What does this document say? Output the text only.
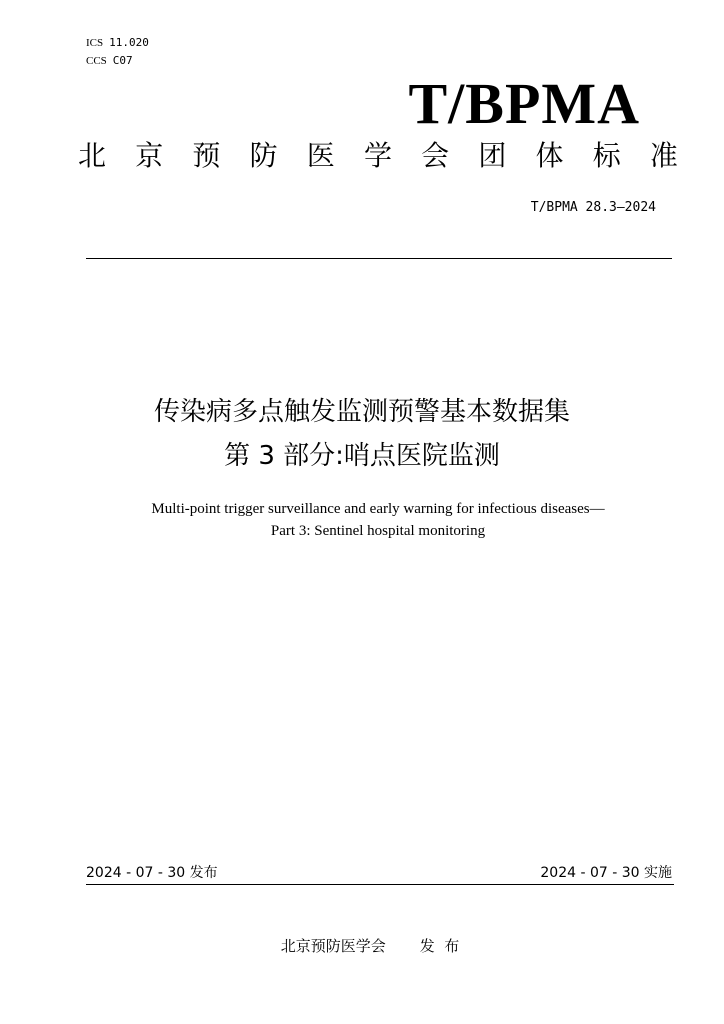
ICS 11.020
CCS C07
T/BPMA
北 京 预 防 医 学 会 团 体 标 准
T/BPMA 28.3—2024
传染病多点触发监测预警基本数据集
第 3 部分:哨点医院监测
Multi-point trigger surveillance and early warning for infectious diseases—
Part 3: Sentinel hospital monitoring
2024 - 07 - 30 发布	2024 - 07 - 30 实施
北京预防医学会 发  布
